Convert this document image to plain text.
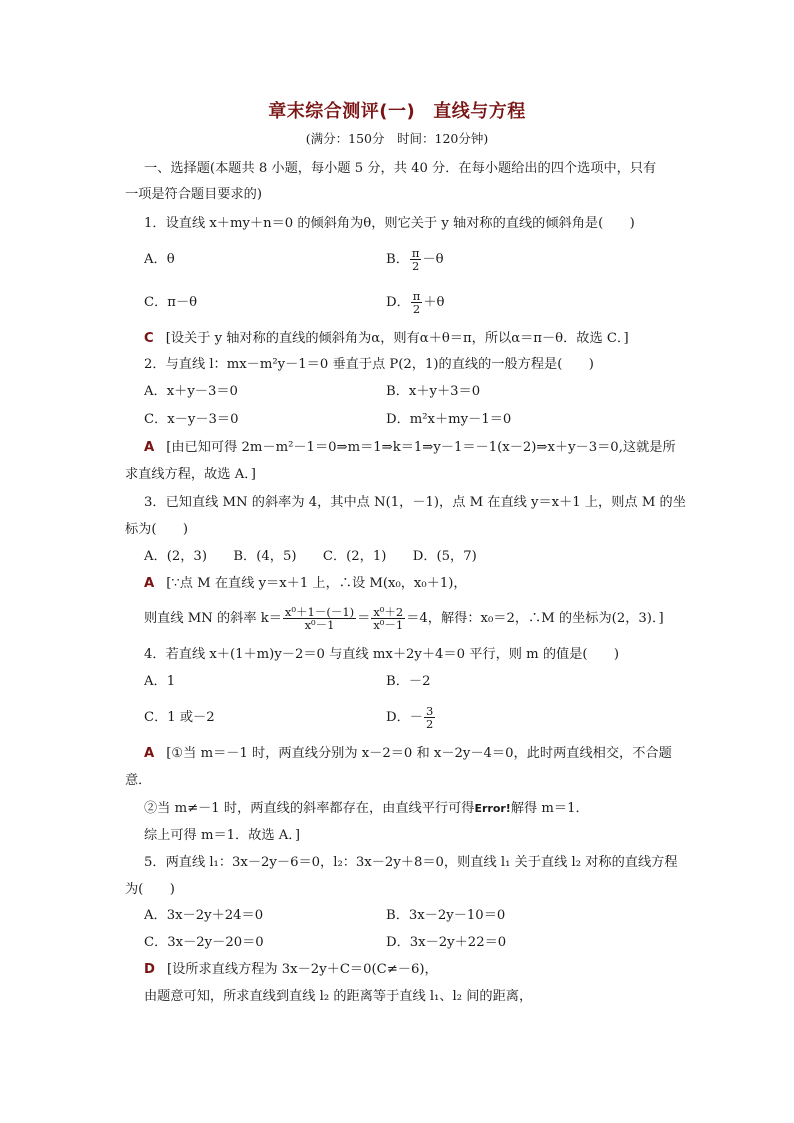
章末综合测评(一) 直线与方程
(满分：150分　时间：120分钟)
一、选择题(本题共 8 小题，每小题 5 分，共 40 分．在每小题给出的四个选项中，只有
一项是符合题目要求的)
1．设直线 x＋my＋n＝0 的倾斜角为θ，则它关于 y 轴对称的直线的倾斜角是(　　)
A．θ	B． $\frac{\pi}{2} -\theta$
C．π－θ	D． $\frac{\pi}{2} +\theta$
C [设关于 y 轴对称的直线的倾斜角为α，则有α＋θ＝π，所以α＝π－θ．故选 C．]
2．与直线 l：mx－m²y－1＝0 垂直于点 P(2，1)的直线的一般方程是(　　)
A．x＋y－3＝0	B．x＋y＋3＝0
C．x－y－3＝0	D．m²x＋my－1＝0
A [由已知可得 2m－m²－1＝0⇒m＝1⇒k＝1⇒y－1＝－1(x－2)⇒x＋y－3＝0,这就是所
求直线方程，故选 A．]
3．已知直线 MN 的斜率为 4，其中点 N(1，－1)，点 M 在直线 y＝x＋1 上，则点 M 的坐
标为(　　)
A．(2，3)　　B．(4，5)　　C．(2，1)　　D．(5，7)
A [∵点 M 在直线 y＝x＋1 上，∴设 M(x₀，x₀＋1)，
则直线 MN 的斜率 $k= \frac{\text{x⁰＋1－(－1)}}{\text{x⁰－1}} = \frac{\text{x⁰＋2}}{\text{x⁰－1}} =4$，解得：x₀＝2，∴M 的坐标为(2，3)．]
4．若直线 x＋(1＋m)y－2＝0 与直线 mx＋2y＋4＝0 平行，则 m 的值是(　　)
A．1	B．－2
C．1 或－2	D．－ $\frac{3}{2}$
A [①当 m＝－1 时，两直线分别为 x－2＝0 和 x－2y－4＝0，此时两直线相交，不合题
意．
②当 m≠－1 时，两直线的斜率都存在，由直线平行可得Error!解得 m＝1．
综上可得 m＝1．故选 A．]
5．两直线 l₁：3x－2y－6＝0，l₂：3x－2y＋8＝0，则直线 l₁ 关于直线 l₂ 对称的直线方程
为(　　)
A．3x－2y＋24＝0	B．3x－2y－10＝0
C．3x－2y－20＝0	D．3x－2y＋22＝0
D [设所求直线方程为 3x－2y＋C＝0(C≠－6)，
由题意可知，所求直线到直线 l₂ 的距离等于直线 l₁、l₂ 间的距离，
